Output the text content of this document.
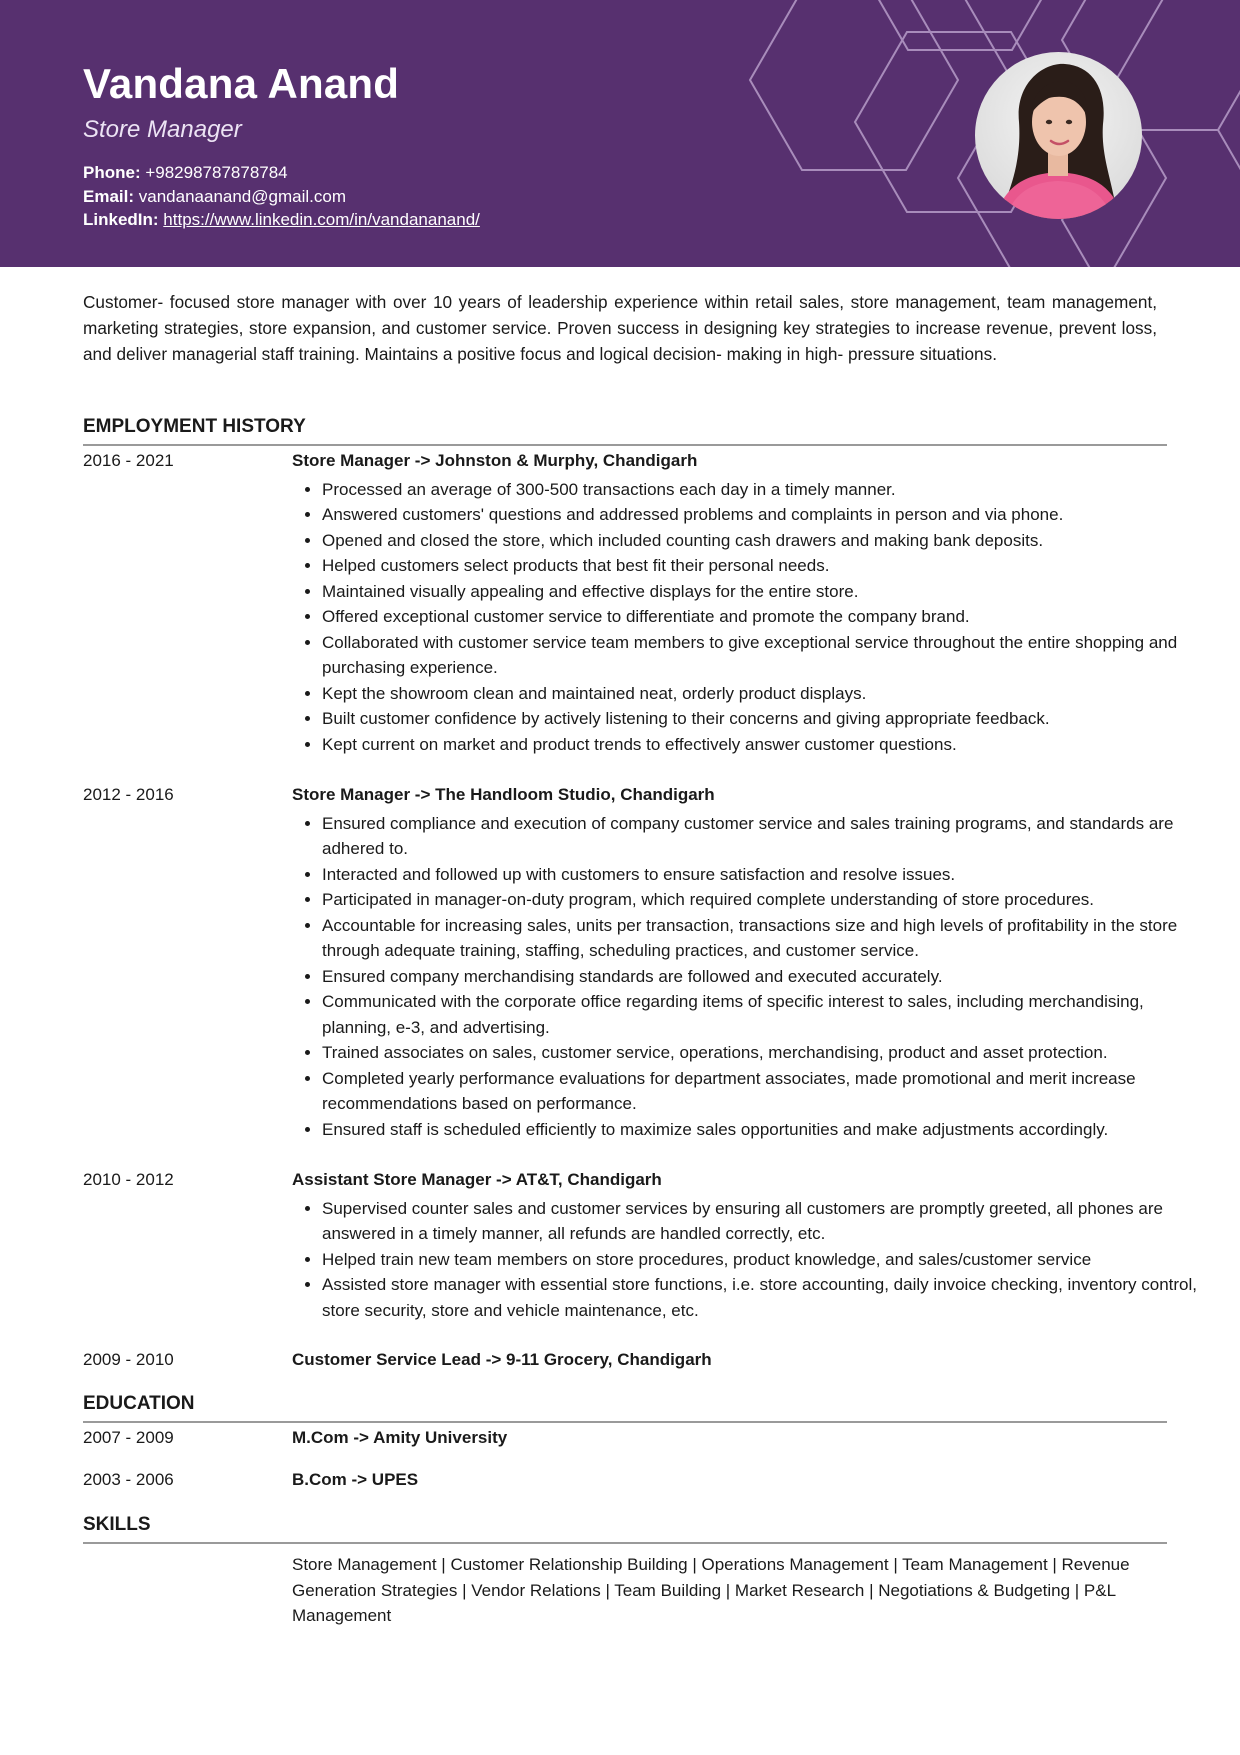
Vandana Anand
Store Manager
Phone: +98298787878784
Email: vandanaanand@gmail.com
LinkedIn: https://www.linkedin.com/in/vandananand/

Customer- focused store manager with over 10 years of leadership experience within retail sales, store management, team management, marketing strategies, store expansion, and customer service. Proven success in designing key strategies to increase revenue, prevent loss, and deliver managerial staff training. Maintains a positive focus and logical decision- making in high- pressure situations.

EMPLOYMENT HISTORY
2016 - 2021	Store Manager -> Johnston & Murphy, Chandigarh
• Processed an average of 300-500 transactions each day in a timely manner.
• Answered customers' questions and addressed problems and complaints in person and via phone.
• Opened and closed the store, which included counting cash drawers and making bank deposits.
• Helped customers select products that best fit their personal needs.
• Maintained visually appealing and effective displays for the entire store.
• Offered exceptional customer service to differentiate and promote the company brand.
• Collaborated with customer service team members to give exceptional service throughout the entire shopping and purchasing experience.
• Kept the showroom clean and maintained neat, orderly product displays.
• Built customer confidence by actively listening to their concerns and giving appropriate feedback.
• Kept current on market and product trends to effectively answer customer questions.
2012 - 2016	Store Manager -> The Handloom Studio, Chandigarh
• Ensured compliance and execution of company customer service and sales training programs, and standards are adhered to.
• Interacted and followed up with customers to ensure satisfaction and resolve issues.
• Participated in manager-on-duty program, which required complete understanding of store procedures.
• Accountable for increasing sales, units per transaction, transactions size and high levels of profitability in the store through adequate training, staffing, scheduling practices, and customer service.
• Ensured company merchandising standards are followed and executed accurately.
• Communicated with the corporate office regarding items of specific interest to sales, including merchandising, planning, e-3, and advertising.
• Trained associates on sales, customer service, operations, merchandising, product and asset protection.
• Completed yearly performance evaluations for department associates, made promotional and merit increase recommendations based on performance.
• Ensured staff is scheduled efficiently to maximize sales opportunities and make adjustments accordingly.
2010 - 2012	Assistant Store Manager -> AT&T, Chandigarh
• Supervised counter sales and customer services by ensuring all customers are promptly greeted, all phones are answered in a timely manner, all refunds are handled correctly, etc.
• Helped train new team members on store procedures, product knowledge, and sales/customer service
• Assisted store manager with essential store functions, i.e. store accounting, daily invoice checking, inventory control, store security, store and vehicle maintenance, etc.
2009 - 2010	Customer Service Lead -> 9-11 Grocery, Chandigarh
EDUCATION
2007 - 2009	M.Com -> Amity University
2003 - 2006	B.Com -> UPES
SKILLS

Store Management | Customer Relationship Building | Operations Management | Team Management | Revenue Generation Strategies | Vendor Relations | Team Building | Market Research | Negotiations & Budgeting | P&L Management
